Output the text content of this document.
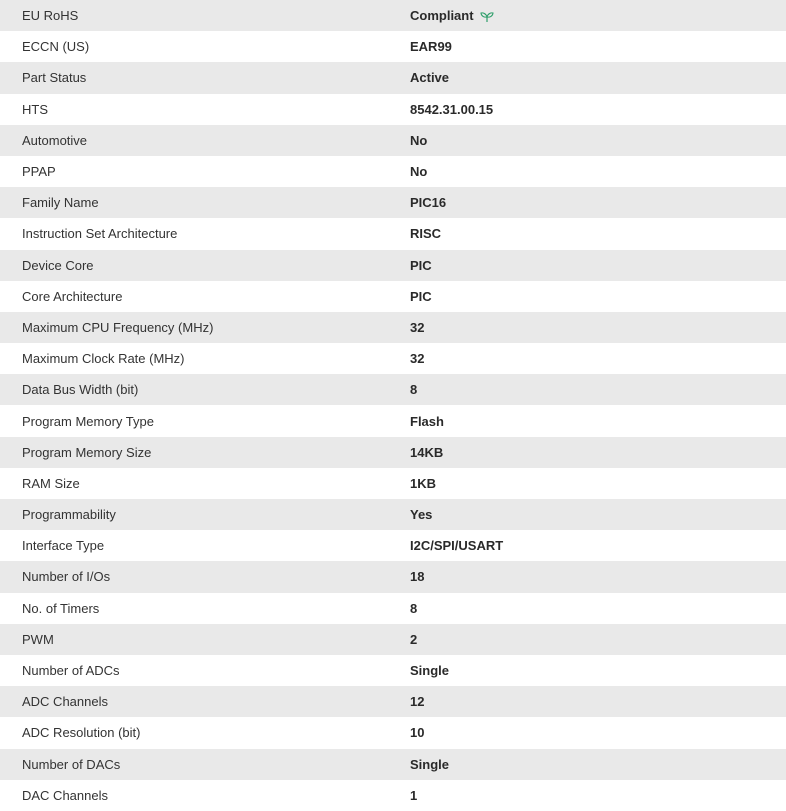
EU RoHS	Compliant
ECCN (US)	EAR99
Part Status	Active
HTS	8542.31.00.15
Automotive	No
PPAP	No
Family Name	PIC16
Instruction Set Architecture	RISC
Device Core	PIC
Core Architecture	PIC
Maximum CPU Frequency (MHz)	32
Maximum Clock Rate (MHz)	32
Data Bus Width (bit)	8
Program Memory Type	Flash
Program Memory Size	14KB
RAM Size	1KB
Programmability	Yes
Interface Type	I2C/SPI/USART
Number of I/Os	18
No. of Timers	8
PWM	2
Number of ADCs	Single
ADC Channels	12
ADC Resolution (bit)	10
Number of DACs	Single
DAC Channels	1
